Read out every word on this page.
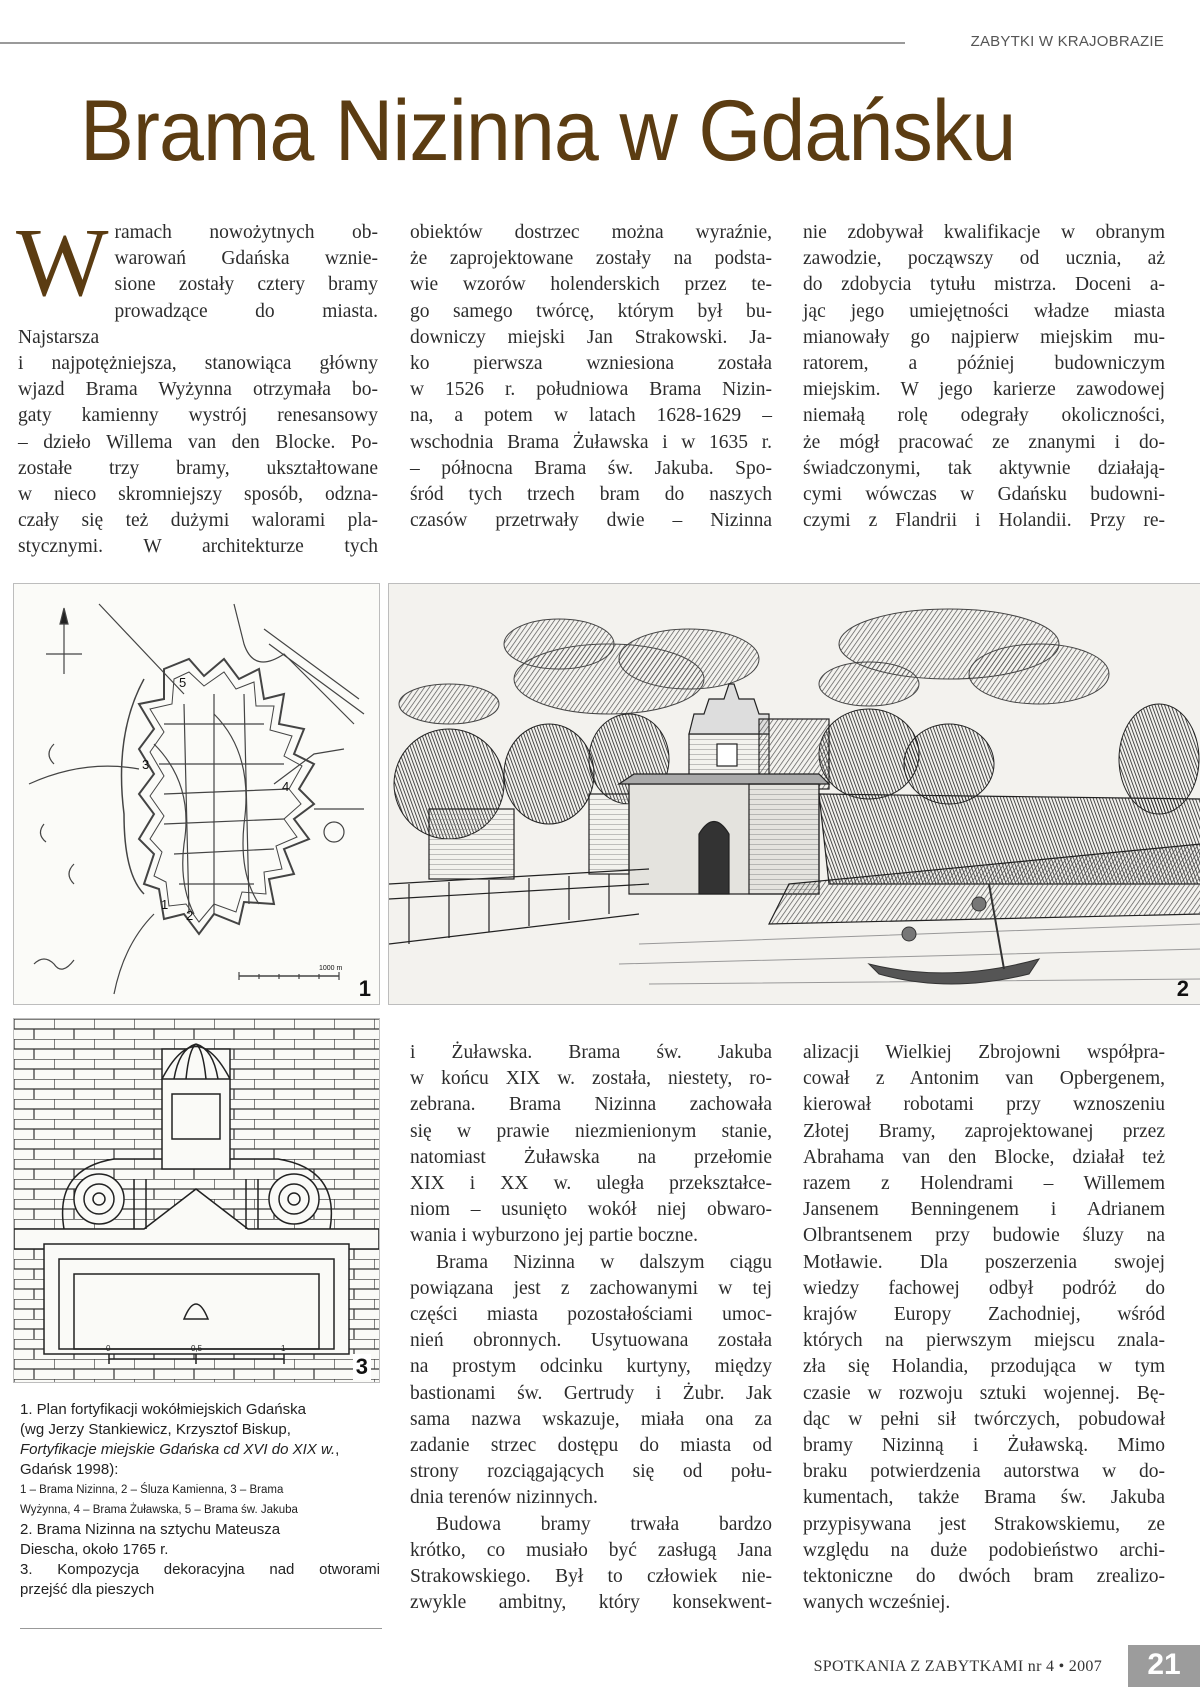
ZABYTKI W KRAJOBRAZIE
Brama Nizinna w Gdańsku
W ramach nowożytnych ob-
warowań Gdańska wznie-
sione zostały cztery bramy
prowadzące do miasta. Najstarsza
i najpotężniejsza, stanowiąca główny
wjazd Brama Wyżynna otrzymała bo-
gaty kamienny wystrój renesansowy
– dzieło Willema van den Blocke. Po-
zostałe trzy bramy, ukształtowane
w nieco skromniejszy sposób, odzna-
czały się też dużymi walorami pla-
stycznymi. W architekturze tych
obiektów dostrzec można wyraźnie,
że zaprojektowane zostały na podsta-
wie wzorów holenderskich przez te-
go samego twórcę, którym był bu-
downiczy miejski Jan Strakowski. Ja-
ko pierwsza wzniesiona została
w 1526 r. południowa Brama Nizin-
na, a potem w latach 1628-1629 –
wschodnia Brama Żuławska i w 1635 r.
– północna Brama św. Jakuba. Spo-
śród tych trzech bram do naszych
czasów przetrwały dwie – Nizinna
nie zdobywał kwalifikacje w obranym
zawodzie, począwszy od ucznia, aż
do zdobycia tytułu mistrza. Doceni a-
jąc jego umiejętności władze miasta
mianowały go najpierw miejskim mu-
ratorem, a później budowniczym
miejskim. W jego karierze zawodowej
niemałą rolę odegrały okoliczności,
że mógł pracować ze znanymi i do-
świadczonymi, tak aktywnie działają-
cymi wówczas w Gdańsku budowni-
czymi z Flandrii i Holandii. Przy re-
i Żuławska. Brama św. Jakuba
w końcu XIX w. została, niestety, ro-
zebrana. Brama Nizinna zachowała
się w prawie niezmienionym stanie,
natomiast Żuławska na przełomie
XIX i XX w. uległa przekształce-
niom – usunięto wokół niej obwaro-
wania i wyburzono jej partie boczne.
Brama Nizinna w dalszym ciągu
powiązana jest z zachowanymi w tej
części miasta pozostałościami umoc-
nień obronnych. Usytuowana została
na prostym odcinku kurtyny, między
bastionami św. Gertrudy i Żubr. Jak
sama nazwa wskazuje, miała ona za
zadanie strzec dostępu do miasta od
strony rozciągających się od połu-
dnia terenów nizinnych.
Budowa bramy trwała bardzo
krótko, co musiało być zasługą Jana
Strakowskiego. Był to człowiek nie-
zwykle ambitny, który konsekwent-
alizacji Wielkiej Zbrojowni współpra-
cował z Antonim van Opbergenem,
kierował robotami przy wznoszeniu
Złotej Bramy, zaprojektowanej przez
Abrahama van den Blocke, działał też
razem z Holendrami – Willemem
Jansenem Benningenem i Adrianem
Olbrantsenem przy budowie śluzy na
Motławie. Dla poszerzenia swojej
wiedzy fachowej odbył podróż do
krajów Europy Zachodniej, wśród
których na pierwszym miejscu znala-
zła się Holandia, przodująca w tym
czasie w rozwoju sztuki wojennej. Bę-
dąc w pełni sił twórczych, pobudował
bramy Nizinną i Żuławską. Mimo
braku potwierdzenia autorstwa w do-
kumentach, także Brama św. Jakuba
przypisywana jest Strakowskiemu, ze
względu na duże podobieństwo archi-
tektoniczne do dwóch bram zrealizo-
wanych wcześniej.
5
3
4
1
2
1000 m
1	2
0	0,5	1
3
1. Plan fortyfikacji wokółmiejskich Gdańska
(wg Jerzy Stankiewicz, Krzysztof Biskup,
Fortyfikacje miejskie Gdańska cd XVI do XIX w.,
Gdańsk 1998):
1 – Brama Nizinna, 2 – Śluza Kamienna, 3 – Brama
Wyżynna, 4 – Brama Żuławska, 5 – Brama św. Jakuba
2. Brama Nizinna na sztychu Mateusza
Diescha, około 1765 r.
3. Kompozycja dekoracyjna nad otworami
przejść dla pieszych
SPOTKANIA Z ZABYTKAMI nr 4 • 2007	21
